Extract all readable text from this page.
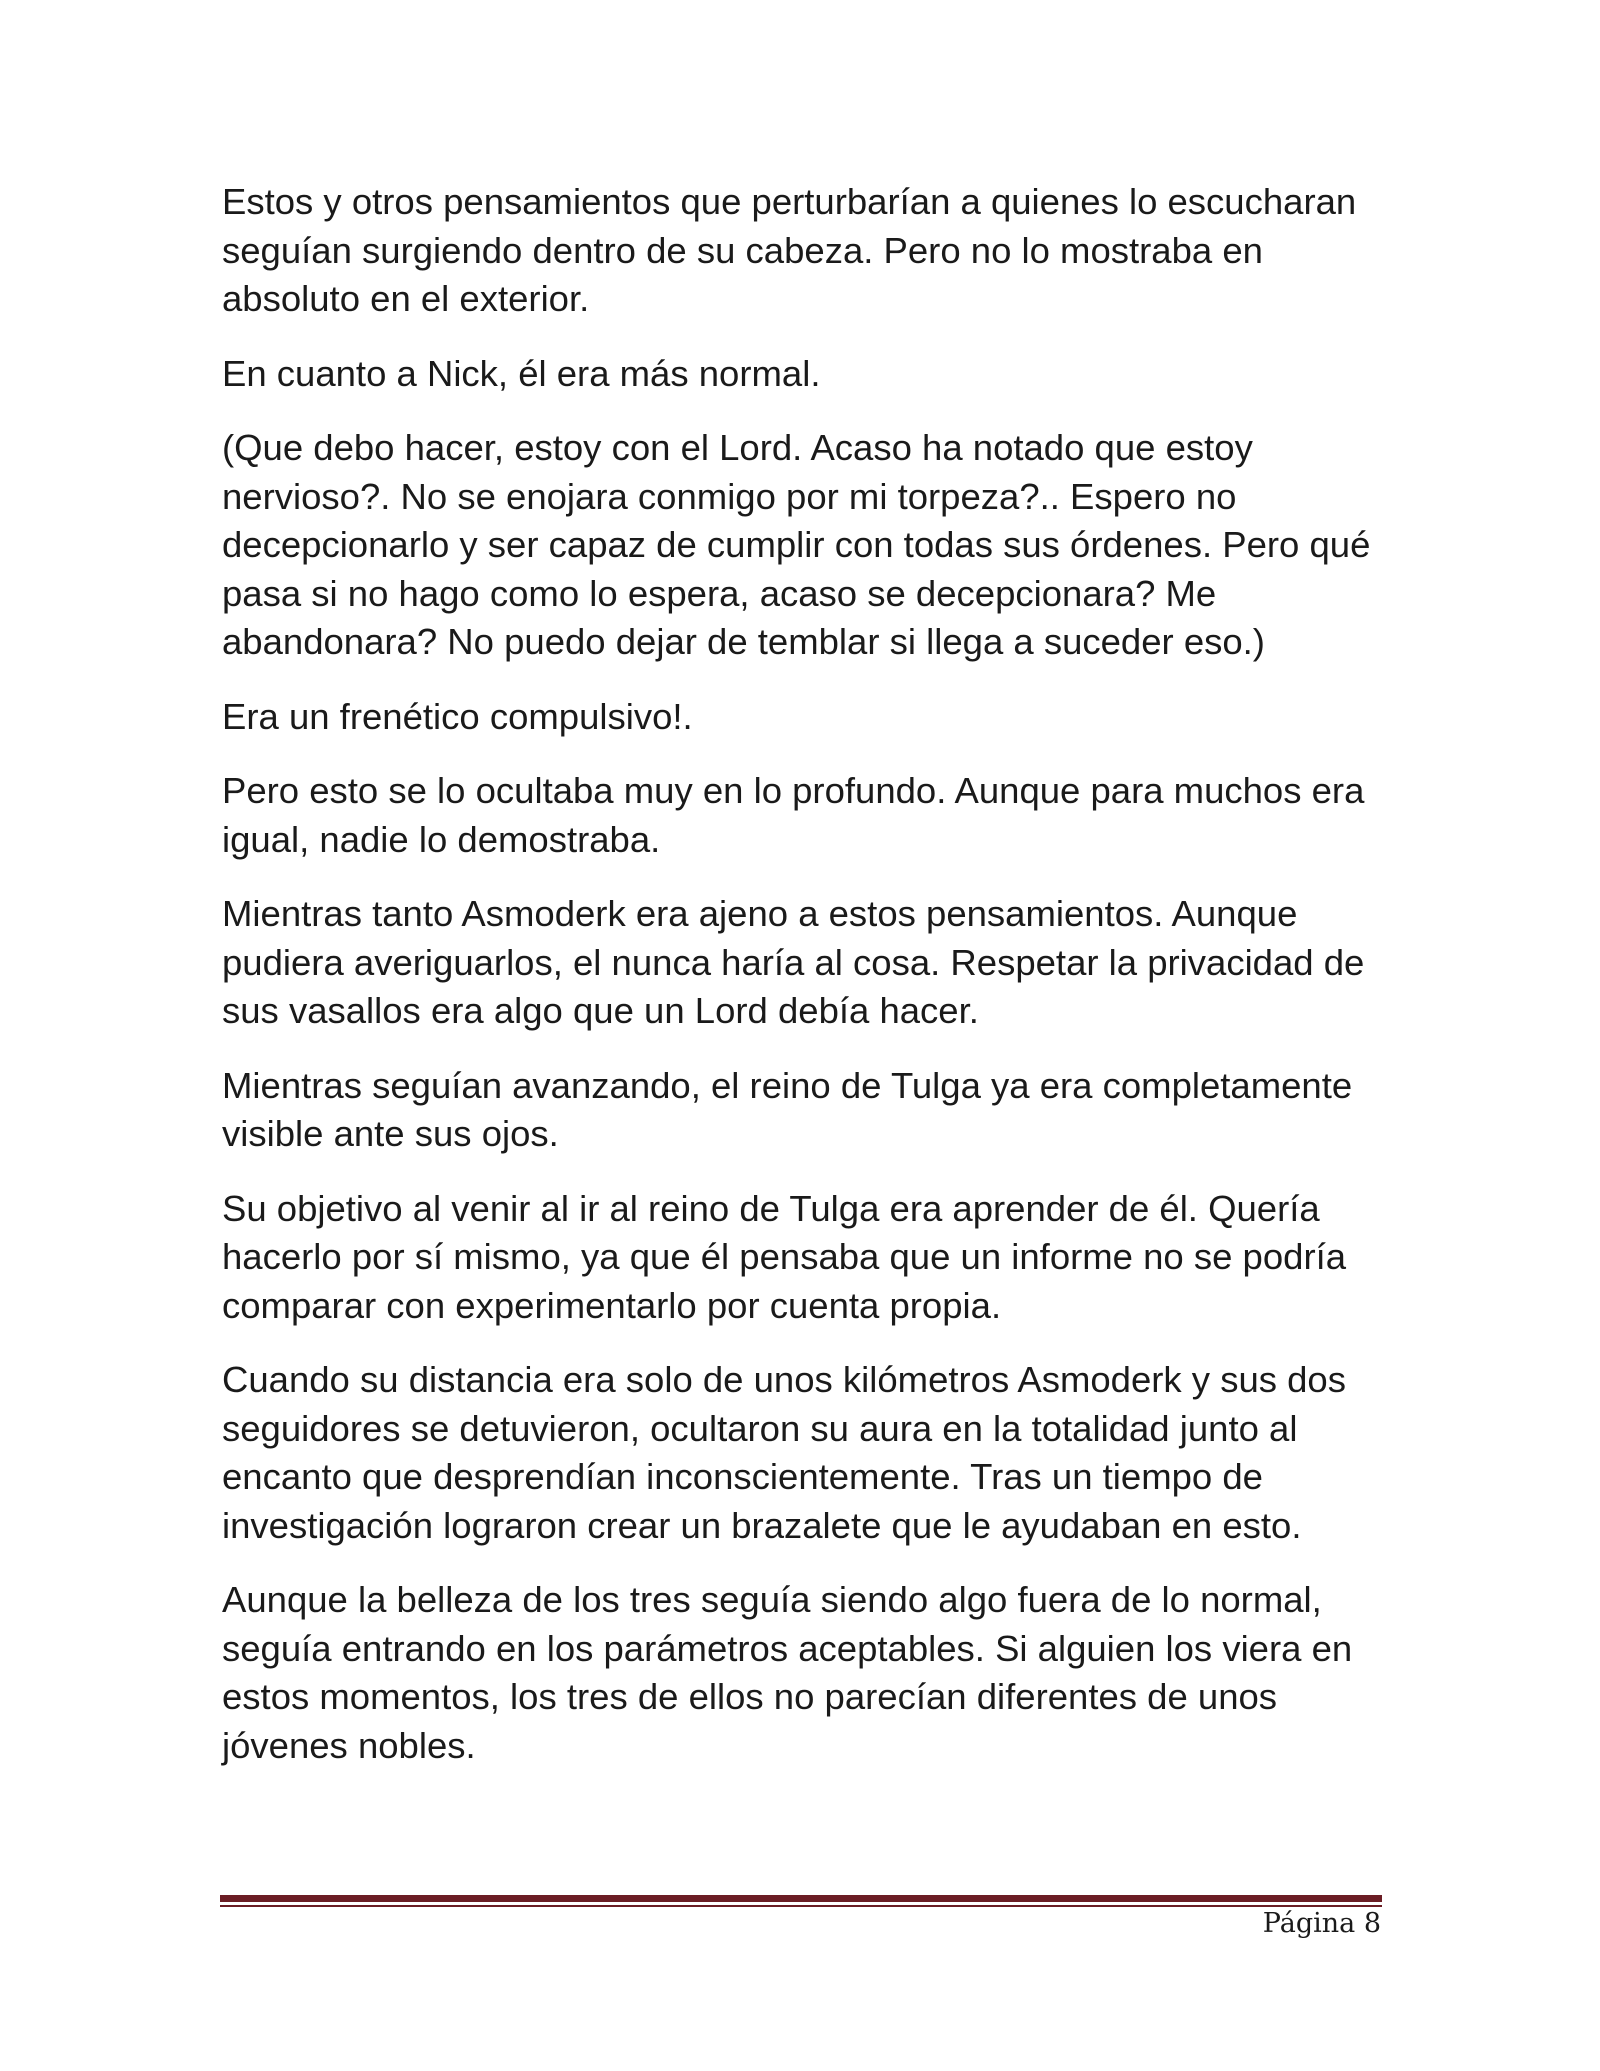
Estos y otros pensamientos que perturbarían a quienes lo escucharan
seguían surgiendo dentro de su cabeza. Pero no lo mostraba en
absoluto en el exterior.

En cuanto a Nick, él era más normal.

(Que debo hacer, estoy con el Lord. Acaso ha notado que estoy
nervioso?. No se enojara conmigo por mi torpeza?.. Espero no
decepcionarlo y ser capaz de cumplir con todas sus órdenes. Pero qué
pasa si no hago como lo espera, acaso se decepcionara? Me
abandonara? No puedo dejar de temblar si llega a suceder eso.)

Era un frenético compulsivo!.

Pero esto se lo ocultaba muy en lo profundo. Aunque para muchos era
igual, nadie lo demostraba.

Mientras tanto Asmoderk era ajeno a estos pensamientos. Aunque
pudiera averiguarlos, el nunca haría al cosa. Respetar la privacidad de
sus vasallos era algo que un Lord debía hacer.

Mientras seguían avanzando, el reino de Tulga ya era completamente
visible ante sus ojos.

Su objetivo al venir al ir al reino de Tulga era aprender de él. Quería
hacerlo por sí mismo, ya que él pensaba que un informe no se podría
comparar con experimentarlo por cuenta propia.

Cuando su distancia era solo de unos kilómetros Asmoderk y sus dos
seguidores se detuvieron, ocultaron su aura en la totalidad junto al
encanto que desprendían inconscientemente. Tras un tiempo de
investigación lograron crear un brazalete que le ayudaban en esto.

Aunque la belleza de los tres seguía siendo algo fuera de lo normal,
seguía entrando en los parámetros aceptables. Si alguien los viera en
estos momentos, los tres de ellos no parecían diferentes de unos
jóvenes nobles.

Página 8
